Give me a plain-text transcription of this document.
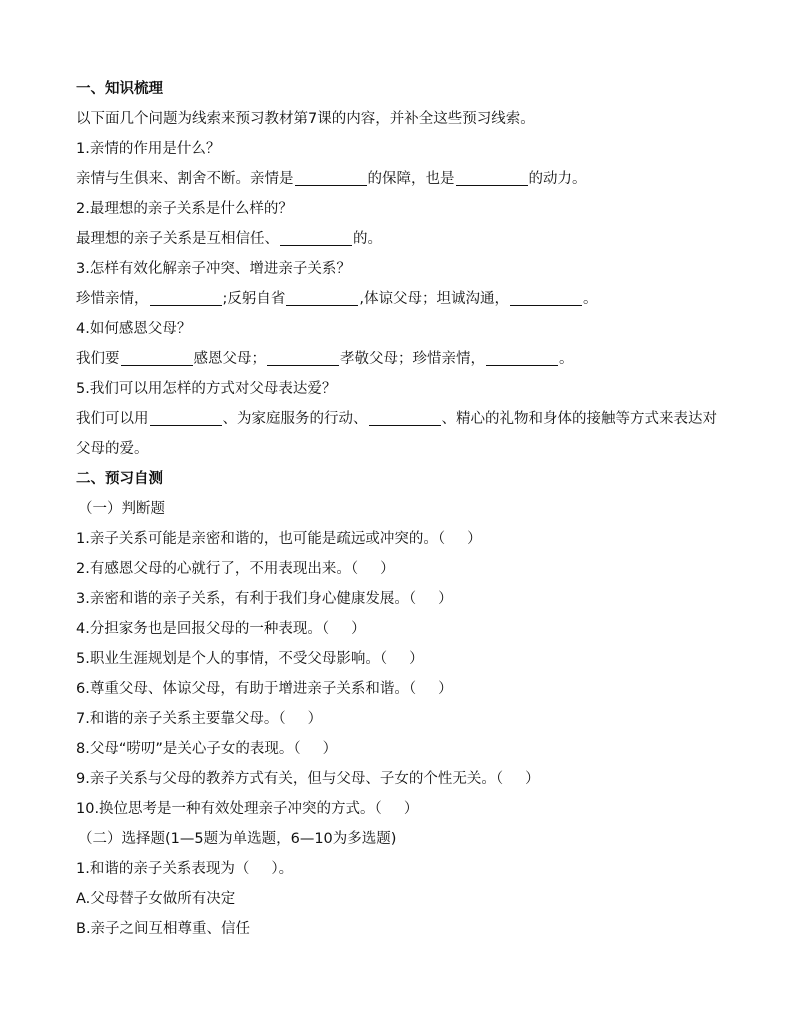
一、知识梳理
以下面几个问题为线索来预习教材第7课的内容，并补全这些预习线索。
1.亲情的作用是什么？
亲情与生俱来、割舍不断。亲情是	的保障，也是	的动力。
2.最理想的亲子关系是什么样的？
最理想的亲子关系是互相信任、	的。
3.怎样有效化解亲子冲突、增进亲子关系？
珍惜亲情，	;反躬自省	,体谅父母；坦诚沟通，	。
4.如何感恩父母？
我们要	感恩父母；	孝敬父母；珍惜亲情，	。
5.我们可以用怎样的方式对父母表达爱？
我们可以用	、为家庭服务的行动、	、精心的礼物和身体的接触等方式来表达对父母的爱。
二、预习自测
（一）判断题
1.亲子关系可能是亲密和谐的，也可能是疏远或冲突的。（ ）
2.有感恩父母的心就行了，不用表现出来。（ ）
3.亲密和谐的亲子关系，有利于我们身心健康发展。（ ）
4.分担家务也是回报父母的一种表现。（ ）
5.职业生涯规划是个人的事情，不受父母影响。（ ）
6.尊重父母、体谅父母，有助于增进亲子关系和谐。（ ）
7.和谐的亲子关系主要靠父母。（ ）
8.父母“唠叨”是关心子女的表现。（ ）
9.亲子关系与父母的教养方式有关，但与父母、子女的个性无关。（ ）
10.换位思考是一种有效处理亲子冲突的方式。（ ）
（二）选择题(1—5题为单选题，6—10为多选题)
1.和谐的亲子关系表现为（ ）。
A.父母替子女做所有决定
B.亲子之间互相尊重、信任
